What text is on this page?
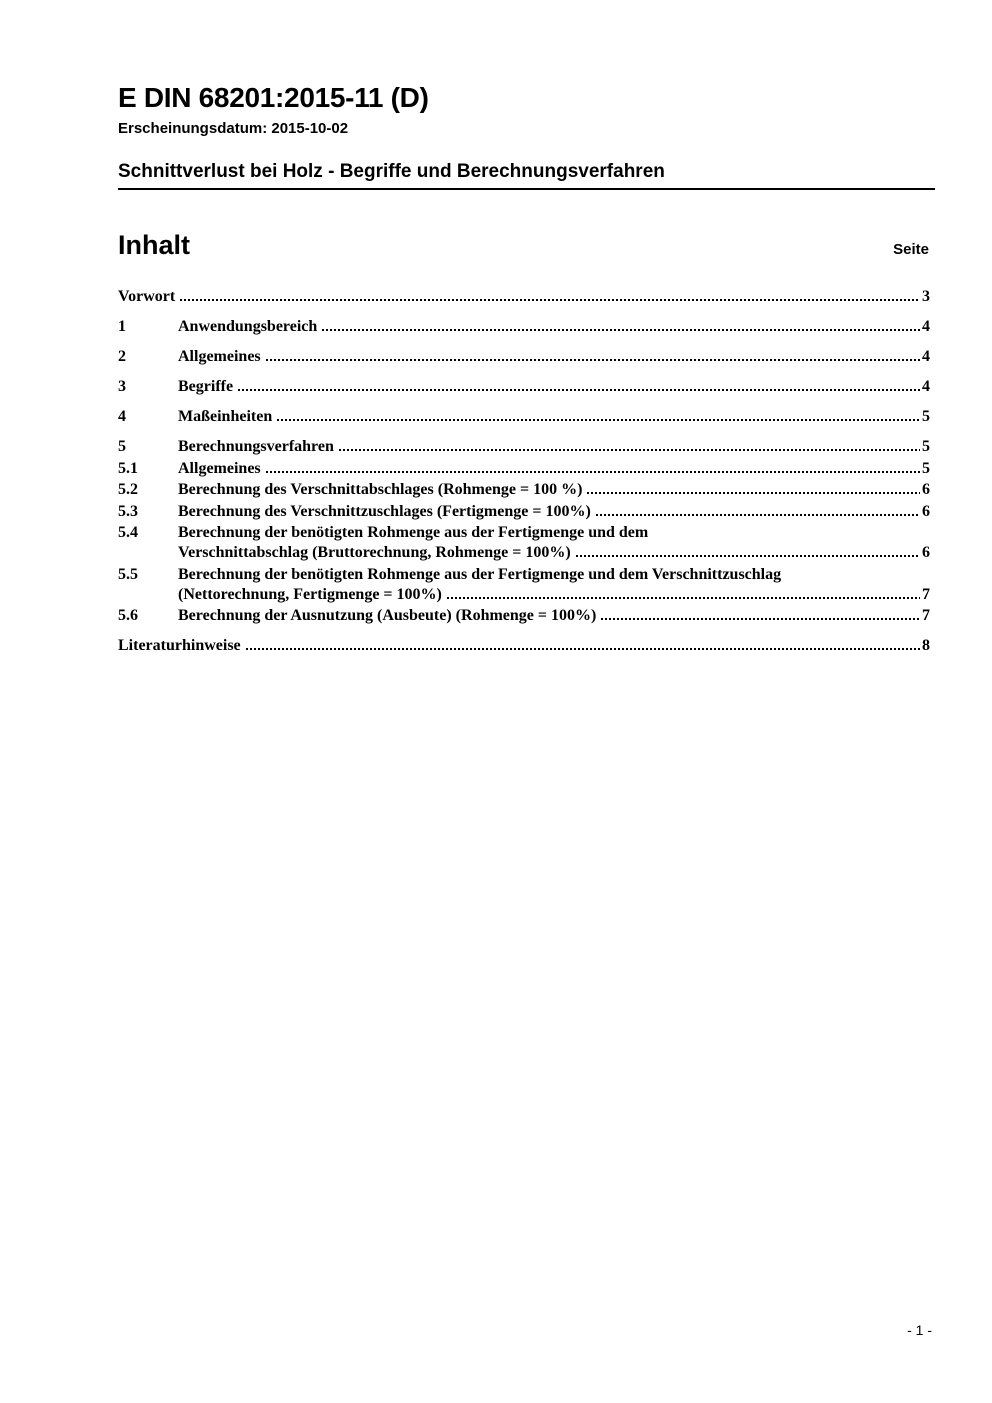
E DIN 68201:2015-11 (D)
Erscheinungsdatum: 2015-10-02
Schnittverlust bei Holz - Begriffe und Berechnungsverfahren
Inhalt	Seite
Vorwort	3
1	Anwendungsbereich	4
2	Allgemeines	4
3	Begriffe	4
4	Maßeinheiten	5
5	Berechnungsverfahren	5
5.1	Allgemeines	5
5.2	Berechnung des Verschnittabschlages (Rohmenge = 100 %)	6
5.3	Berechnung des Verschnittzuschlages (Fertigmenge = 100%)	6
5.4	Berechnung der benötigten Rohmenge aus der Fertigmenge und dem
Verschnittabschlag (Bruttorechnung, Rohmenge = 100%)	6
5.5	Berechnung der benötigten Rohmenge aus der Fertigmenge und dem Verschnittzuschlag
(Nettorechnung, Fertigmenge = 100%)	7
5.6	Berechnung der Ausnutzung (Ausbeute) (Rohmenge = 100%)	7
Literaturhinweise	8
- 1 -
